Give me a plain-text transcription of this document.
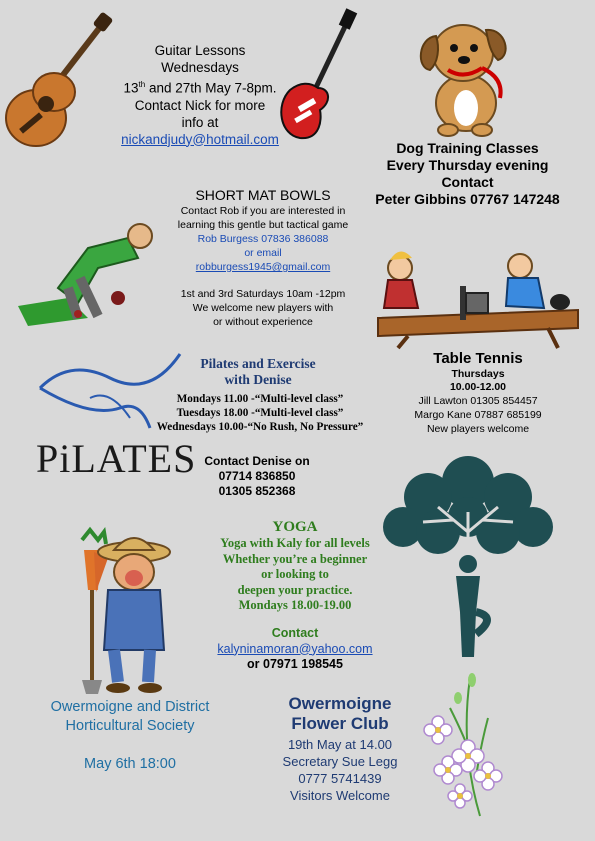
Guitar Lessons
Wednesdays
13th and 27th May 7-8pm.
Contact Nick for more
info at
nickandjudy@hotmail.com
Dog Training Classes
Every Thursday evening
Contact
Peter Gibbins 07767 147248
SHORT MAT BOWLS
Contact Rob if you are interested in
learning this gentle but tactical game
Rob Burgess 07836 386088
or email
robburgess1945@gmail.com
1st and 3rd Saturdays 10am -12pm
We welcome new players with
or without experience
Table Tennis
Thursdays
10.00-12.00
Jill Lawton 01305 854457
Margo Kane 07887 685199
New players welcome
PiLATES
Pilates and Exercise
with Denise
Mondays 11.00 -“Multi-level class”
Tuesdays 18.00 -“Multi-level class”
Wednesdays 10.00-“No Rush, No Pressure”
Contact Denise on
07714 836850
01305 852368
YOGA
Yoga with Kaly for all levels
Whether you’re a beginner
or looking to
deepen your practice.
Mondays 18.00-19.00
Contact
kalyninamoran@yahoo.com
or 07971 198545
Owermoigne and District
Horticultural Society
May 6th 18:00
Owermoigne
Flower Club
19th May at 14.00
Secretary Sue Legg
0777 5741439
Visitors Welcome
